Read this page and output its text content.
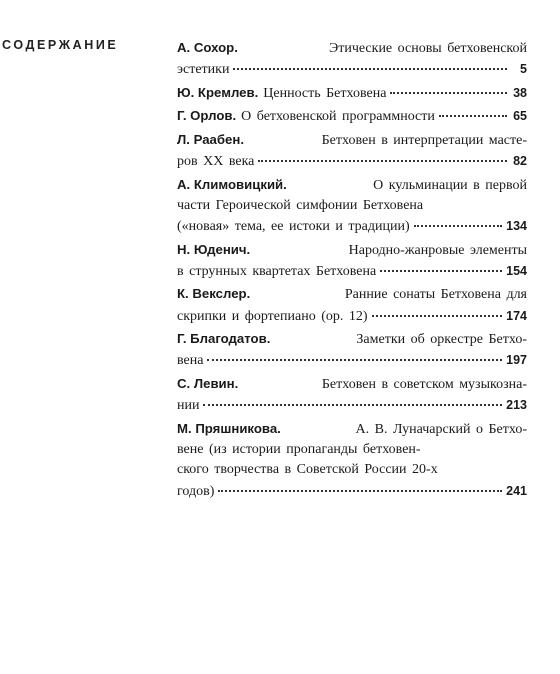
СОДЕРЖАНИЕ	А. Сохор.	Этические основы бетховенской
эстетики	5
Ю. Кремлев. Ценность Бетховена	38
Г. Орлов. О бетховенской программности	65
Л. Раабен.	Бетховен в интерпретации масте-
ров XX века	82
А. Климовицкий.	О кульминации в первой
части Героической симфонии Бетховена
(«новая» тема, ее истоки и традиции)	134
Н. Юденич.	Народно-жанровые элементы
в струнных квартетах Бетховена	154
К. Векслер.	Ранние сонаты Бетховена для
скрипки и фортепиано (ор. 12)	174
Г. Благодатов.	Заметки об оркестре Бетхо-
вена	197
С. Левин.	Бетховен в советском музыкозна-
нии	213
М. Пряшникова.	А. В. Луначарский о Бетхо-
вене (из истории пропаганды бетховен-
ского творчества в Советской России 20-х
годов)	241
